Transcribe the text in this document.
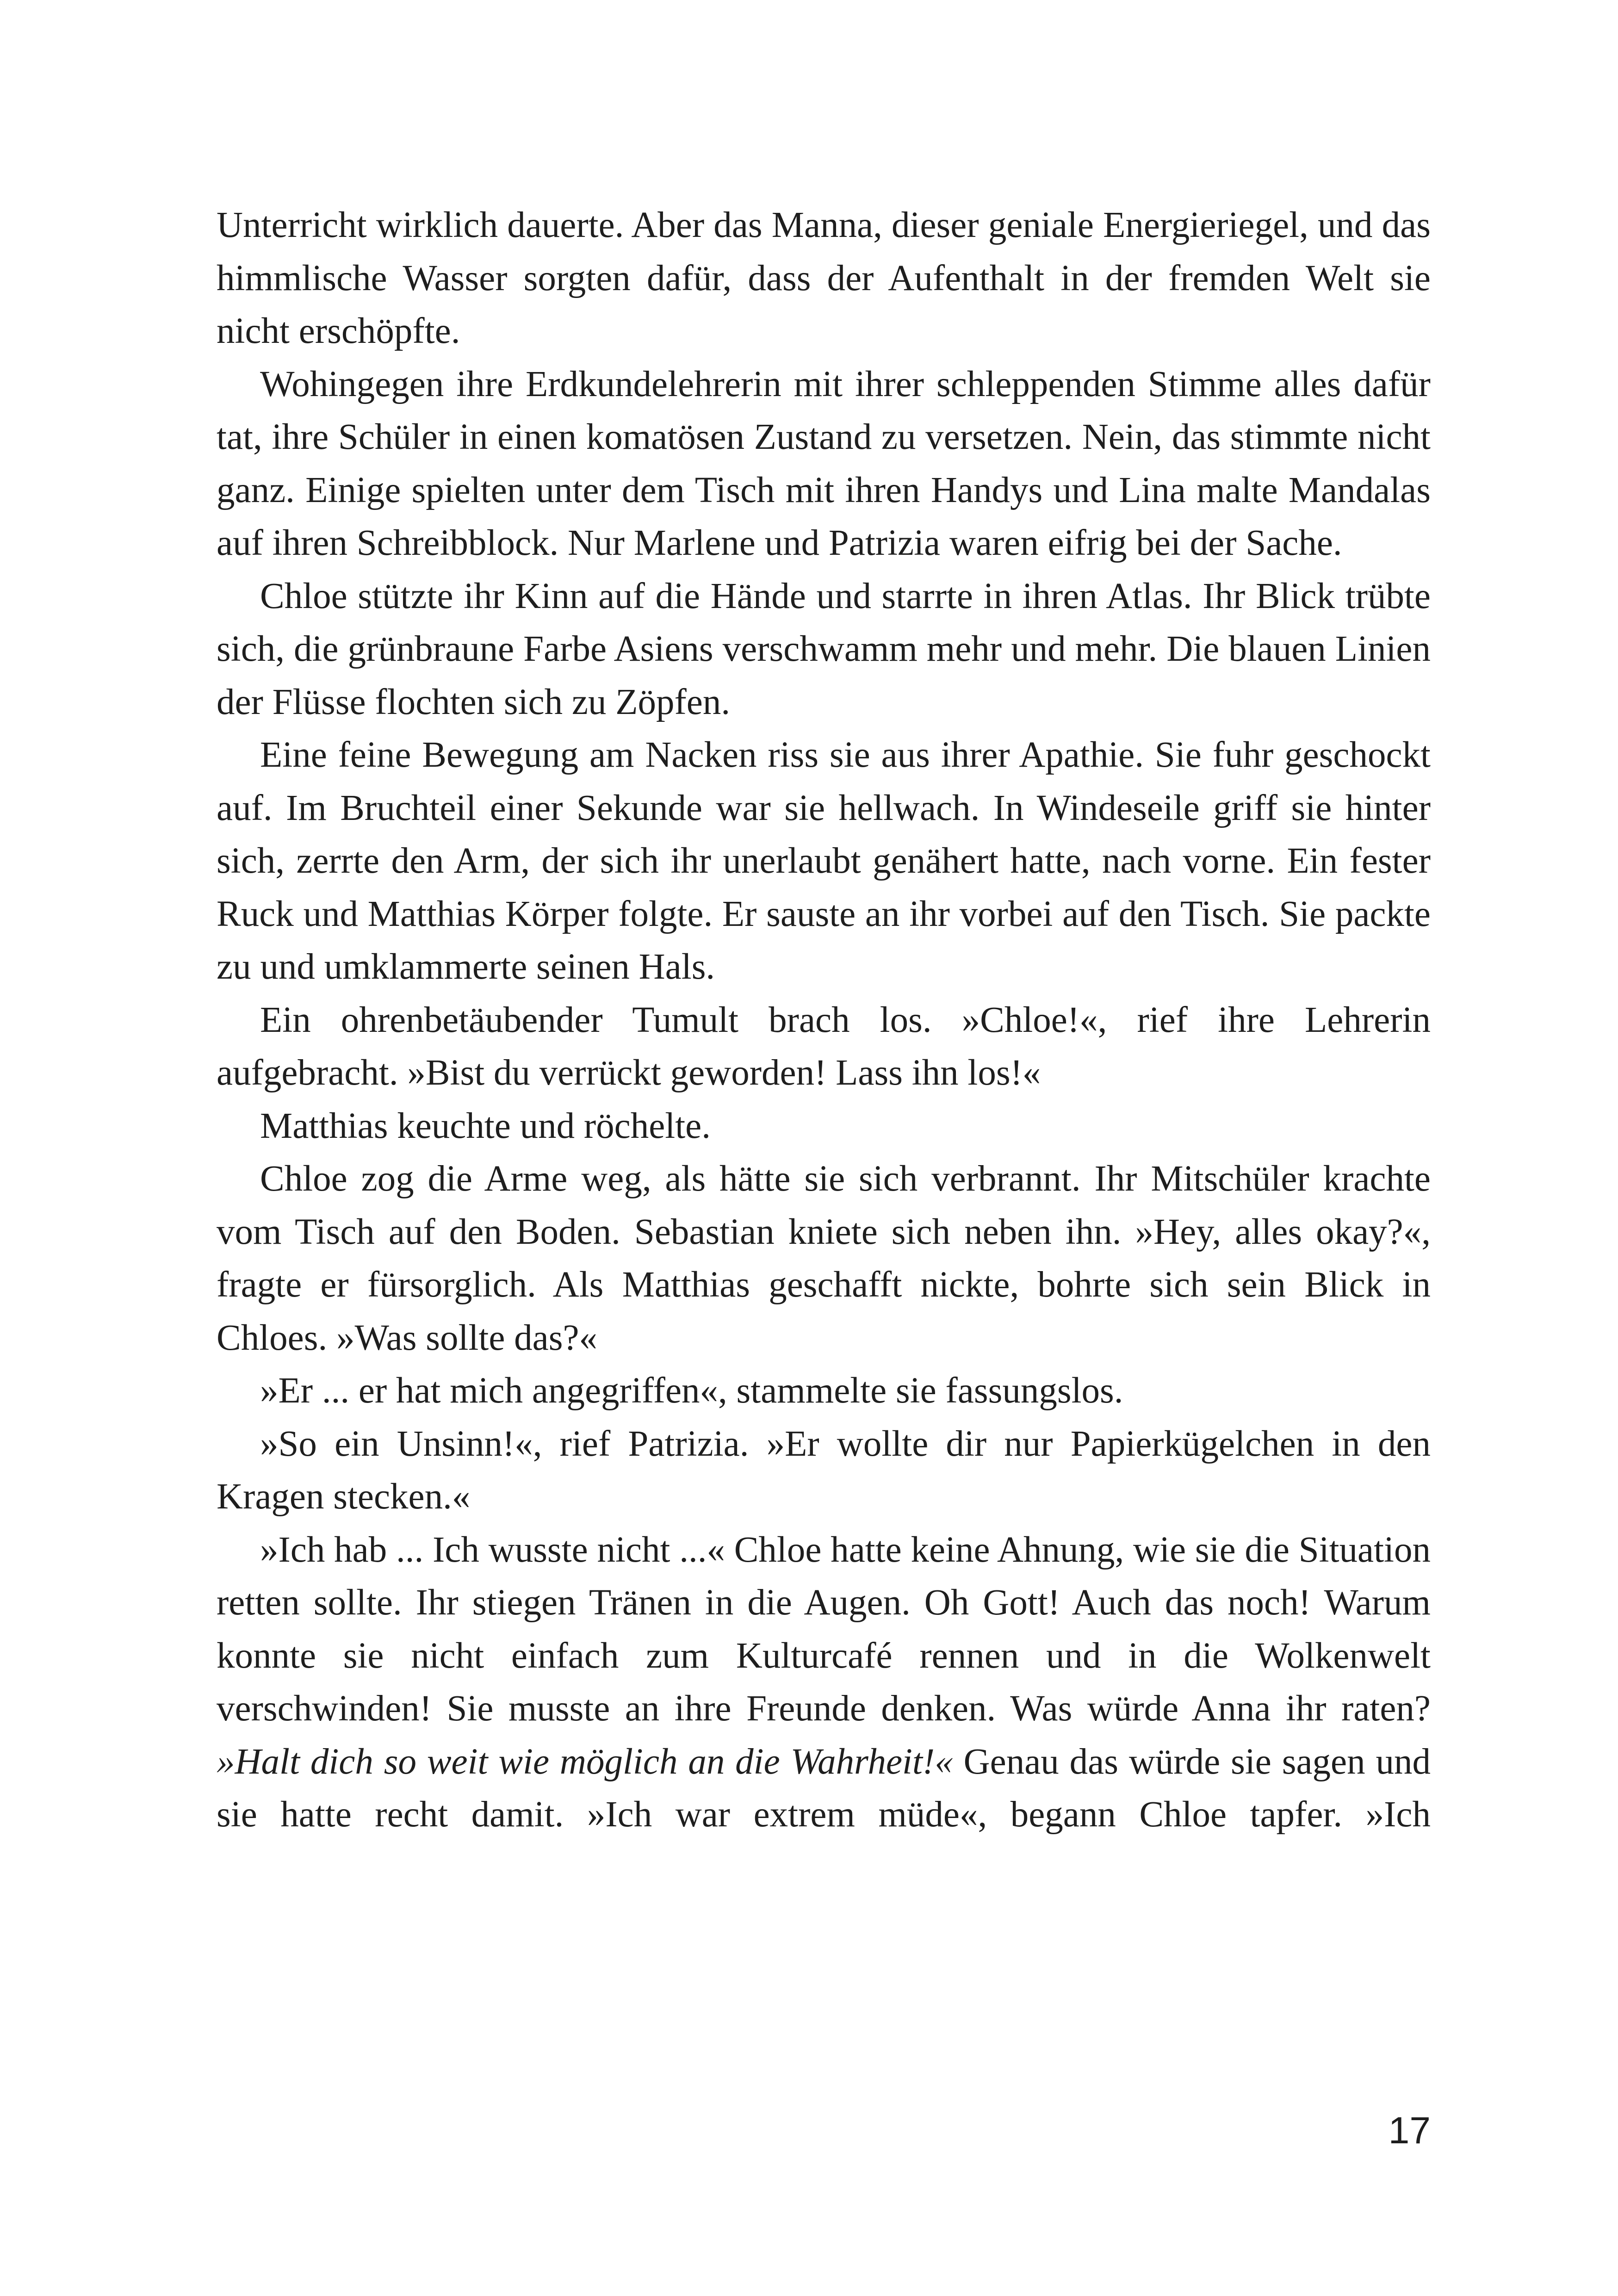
Unterricht wirklich dauerte. Aber das Manna, dieser geniale Energieriegel, und das himmlische Wasser sorgten dafür, dass der Aufenthalt in der fremden Welt sie nicht erschöpfte.

Wohingegen ihre Erdkundelehrerin mit ihrer schleppenden Stimme alles dafür tat, ihre Schüler in einen komatösen Zustand zu versetzen. Nein, das stimmte nicht ganz. Einige spielten unter dem Tisch mit ihren Handys und Lina malte Mandalas auf ihren Schreibblock. Nur Marlene und Patrizia waren eifrig bei der Sache.

Chloe stützte ihr Kinn auf die Hände und starrte in ihren Atlas. Ihr Blick trübte sich, die grünbraune Farbe Asiens verschwamm mehr und mehr. Die blauen Linien der Flüsse flochten sich zu Zöpfen.

Eine feine Bewegung am Nacken riss sie aus ihrer Apathie. Sie fuhr geschockt auf. Im Bruchteil einer Sekunde war sie hellwach. In Windeseile griff sie hinter sich, zerrte den Arm, der sich ihr unerlaubt genähert hatte, nach vorne. Ein fester Ruck und Matthias Körper folgte. Er sauste an ihr vorbei auf den Tisch. Sie packte zu und umklammerte seinen Hals.

Ein ohrenbetäubender Tumult brach los. »Chloe!«, rief ihre Lehrerin aufgebracht. »Bist du verrückt geworden! Lass ihn los!«

Matthias keuchte und röchelte.

Chloe zog die Arme weg, als hätte sie sich verbrannt. Ihr Mitschüler krachte vom Tisch auf den Boden. Sebastian kniete sich neben ihn. »Hey, alles okay?«, fragte er fürsorglich. Als Matthias geschafft nickte, bohrte sich sein Blick in Chloes. »Was sollte das?«

»Er ... er hat mich angegriffen«, stammelte sie fassungslos.

»So ein Unsinn!«, rief Patrizia. »Er wollte dir nur Papierkügelchen in den Kragen stecken.«

»Ich hab ... Ich wusste nicht ...« Chloe hatte keine Ahnung, wie sie die Situation retten sollte. Ihr stiegen Tränen in die Augen. Oh Gott! Auch das noch! Warum konnte sie nicht einfach zum Kulturcafé rennen und in die Wolkenwelt verschwinden! Sie musste an ihre Freunde denken. Was würde Anna ihr raten? »Halt dich so weit wie möglich an die Wahrheit!« Genau das würde sie sagen und sie hatte recht damit. »Ich war extrem müde«, begann Chloe tapfer. »Ich

17
